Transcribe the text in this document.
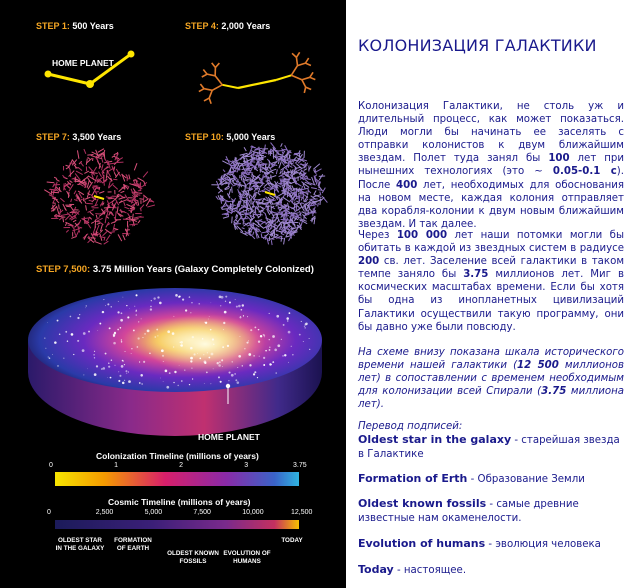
STEP 1: 500 Years	STEP 4: 2,000 Years
STEP 7: 3,500 Years	STEP 10: 5,000 Years
HOME PLANET
STEP 7,500: 3.75 Million Years (Galaxy Completely Colonized)
HOME PLANET
Colonization Timeline (millions of years)
0	1	2	3	3.75
Cosmic Timeline (millions of years)
0	2,500	5,000	7,500	10,000	12,500
OLDEST STAR
IN THE GALAXY
FORMATION
OF EARTH
OLDEST KNOWN
FOSSILS
EVOLUTION OF
HUMANS
TODAY
КОЛОНИЗАЦИЯ ГАЛАКТИКИ
Колонизация Галактики, не столь уж и длительный процесс, как может показаться. Люди могли бы начинать ее заселять с отправки колонистов к двум ближайшим звездам. Полет туда занял бы 100 лет при нынешних технологиях (это ~ 0.05-0.1 c). После 400 лет, необходимых для обоснования на новом месте, каждая колония отправляет два корабля-колонии к двум новым ближайшим звездам. И так далее.
Через 100 000 лет наши потомки могли бы обитать в каждой из звездных систем в радиусе 200 св. лет. Заселение всей галактики в таком темпе заняло бы 3.75 миллионов лет. Миг в космических масштабах времени. Если бы хотя бы одна из инопланетных цивилизаций Галактики осуществили такую программу, они бы давно уже были повсюду.
На схеме внизу показана шкала исторического времени нашей галактики (12 500 миллионов лет) в сопоставлении с временем необходимым для колонизации всей Спирали (3.75 миллиона лет).
Перевод подписей:
Oldest star in the galaxy - старейшая звезда в Галактике
Formation of Erth - Образование Земли
Oldest known fossils - самые древние известные нам окаменелости.
Evolution of humans - эволюция человека
Today - настоящее.
